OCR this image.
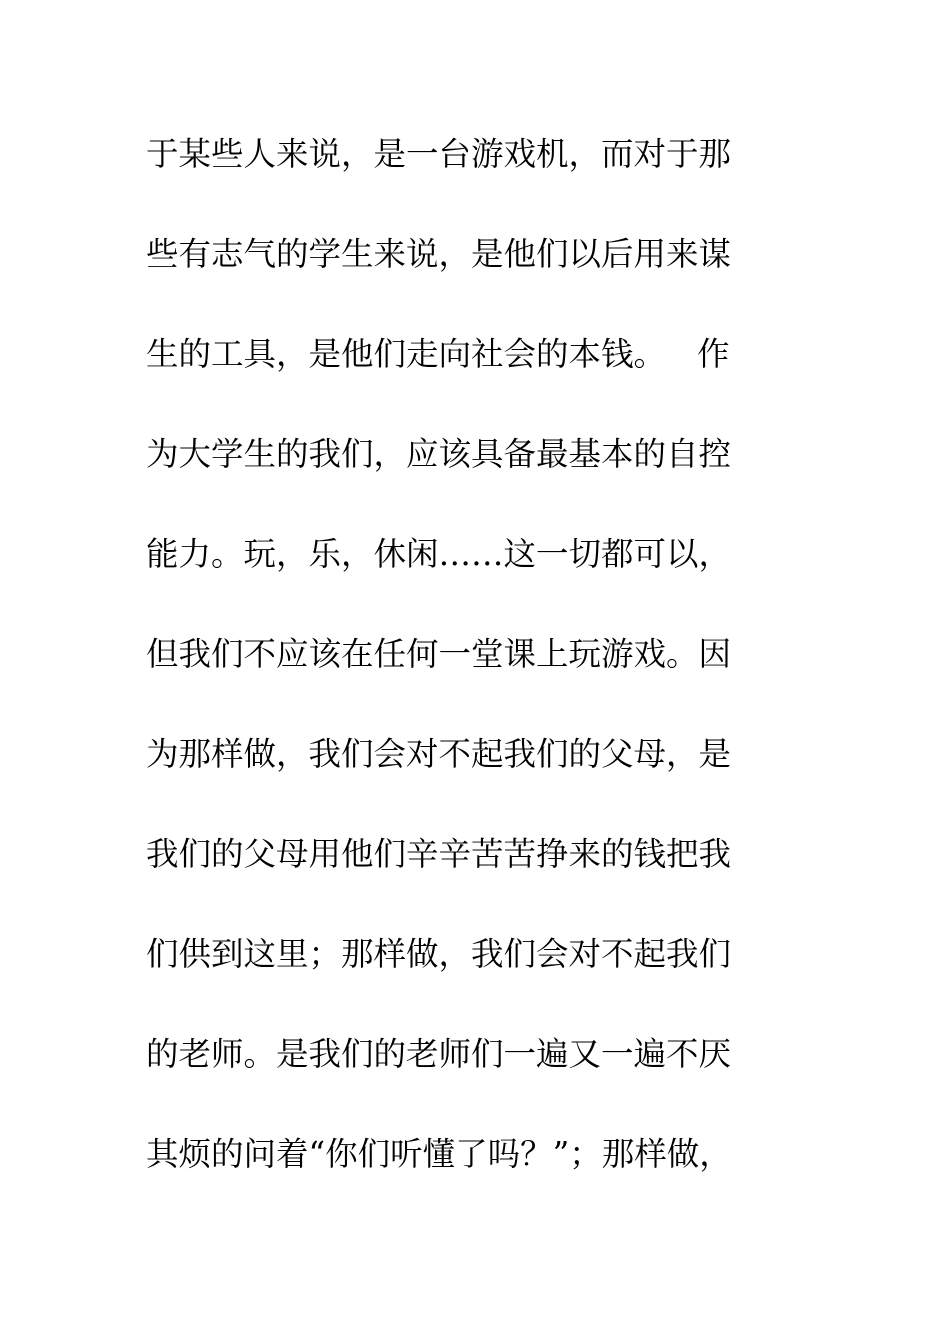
于某些人来说，是一台游戏机，而对于那
些有志气的学生来说，是他们以后用来谋
生的工具，是他们走向社会的本钱。   作
为大学生的我们，应该具备最基本的自控
能力。玩，乐，休闲……这一切都可以，
但我们不应该在任何一堂课上玩游戏。因
为那样做，我们会对不起我们的父母，是
我们的父母用他们辛辛苦苦挣来的钱把我
们供到这里；那样做，我们会对不起我们
的老师。是我们的老师们一遍又一遍不厌
其烦的问着“你们听懂了吗？”；那样做，
